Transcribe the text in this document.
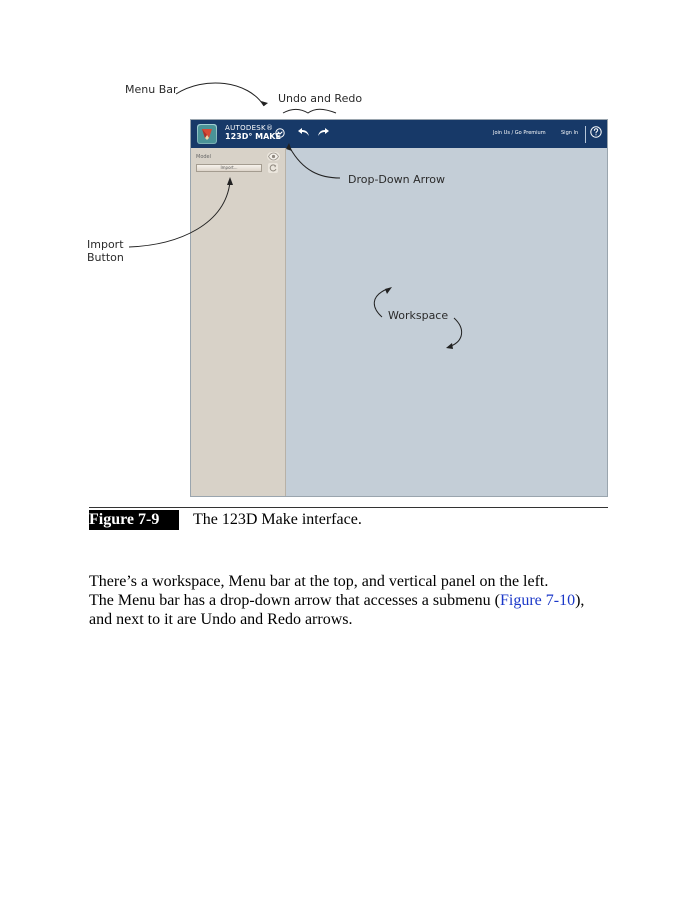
AUTODESK®
123D° MAKE	Join Us / Go Premium	Sign In
Model
Import...
Menu Bar
Undo and Redo
Drop-Down Arrow
Import Button
Workspace
Figure 7-9	The 123D Make interface.
There’s a workspace, Menu bar at the top, and vertical panel on the left.
The Menu bar has a drop-down arrow that accesses a submenu (Figure 7-10), and next to it are Undo and Redo arrows.
